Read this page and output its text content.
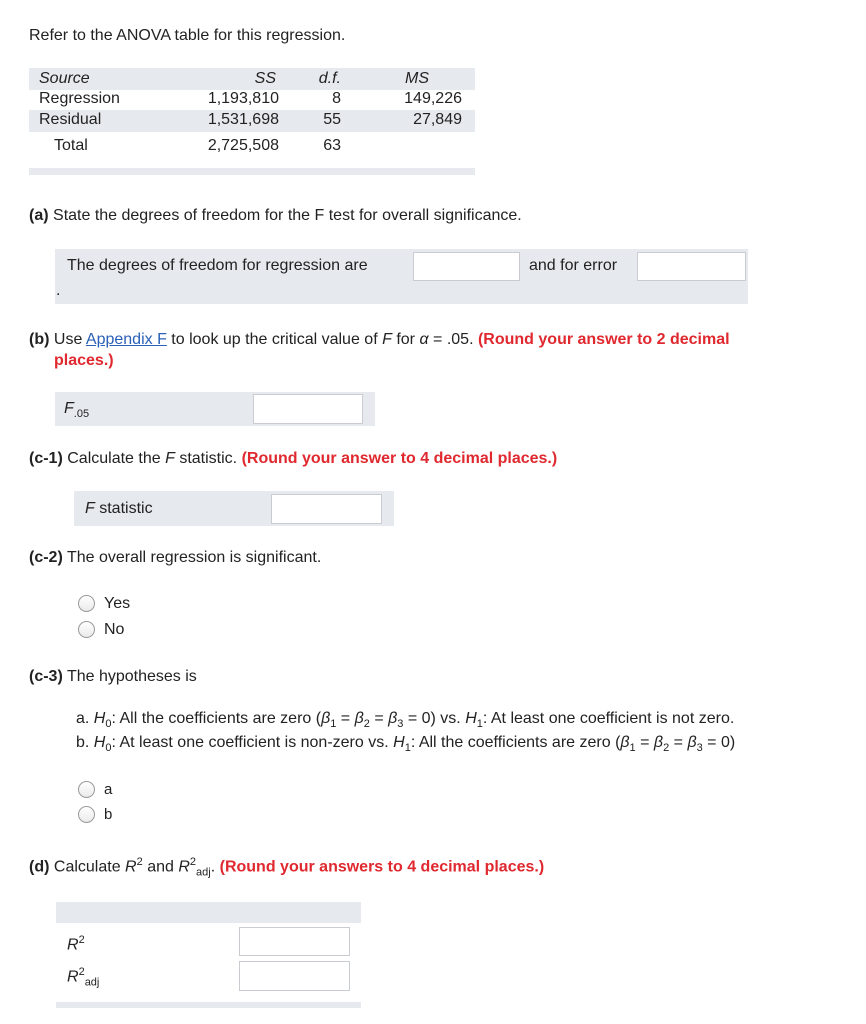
Refer to the ANOVA table for this regression.
Source	SS	d.f.	MS
Regression	1,193,810	8	149,226
Residual	1,531,698	55	27,849
Total	2,725,508	63
(a) State the degrees of freedom for the F test for overall significance.
The degrees of freedom for regression are	and for error
.
(b) Use Appendix F to look up the critical value of F for α = .05. (Round your answer to 2 decimal
places.)
$F_{.05}$
(c-1) Calculate the F statistic. (Round your answer to 4 decimal places.)
F statistic
(c-2) The overall regression is significant.
Yes
No
(c-3) The hypotheses is
a. $H_0$: All the coefficients are zero $(\beta_1 = \beta_2 = \beta_3 = 0)$ vs. $H_1$: At least one coefficient is not zero.
b. $H_0$: At least one coefficient is non-zero vs. $H_1$: All the coefficients are zero $(\beta_1 = \beta_2 = \beta_3 = 0)$
a
b
(d) Calculate $R^2$ and $R^2_{adj}$. (Round your answers to 4 decimal places.)
$R^2$
$R^2_{adj}$
